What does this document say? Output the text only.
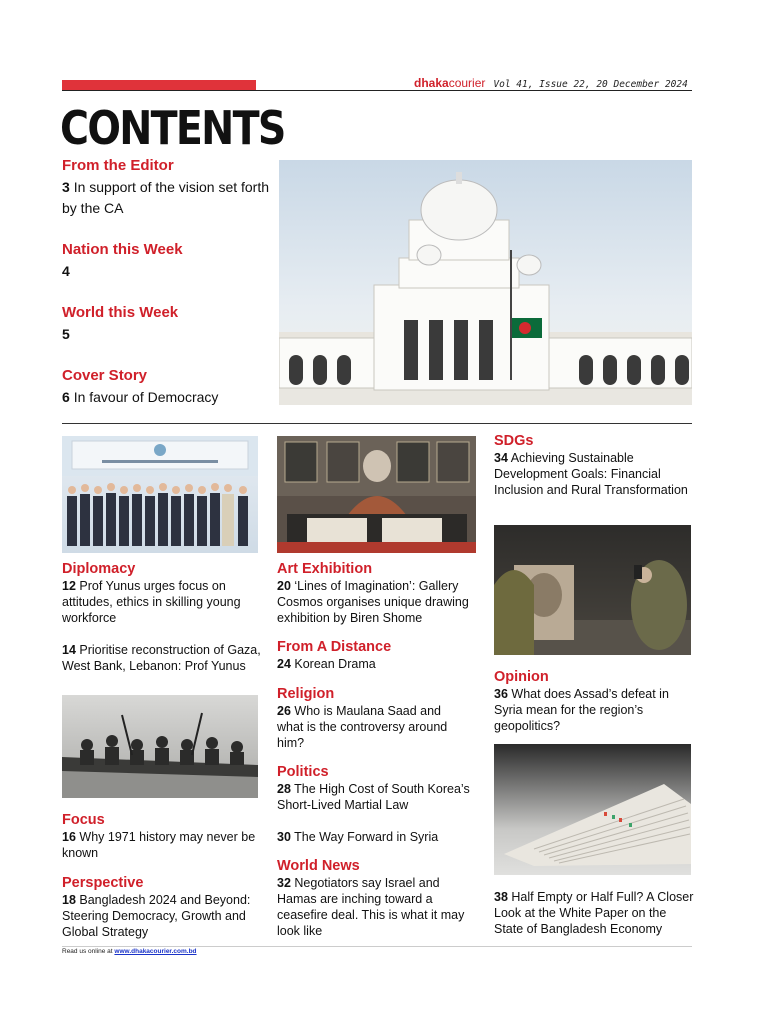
dhakacourier Vol 41, Issue 22, 20 December 2024
CONTENTS
From the Editor
3 In support of the vision set forth by the CA
Nation this Week
4
World this Week
5
Cover Story
6 In favour of Democracy
Diplomacy
12 Prof Yunus urges focus on attitudes, ethics in skilling young workforce
14 Prioritise reconstruction of Gaza, West Bank, Lebanon: Prof Yunus
Focus
16 Why 1971 history may never be known
Perspective
18 Bangladesh 2024 and Beyond: Steering Democracy, Growth and Global Strategy
Art Exhibition
20 ‘Lines of Imagination’: Gallery Cosmos organises unique drawing exhibition by Biren Shome
From A Distance
24 Korean Drama
Religion
26 Who is Maulana Saad and what is the controversy around him?
Politics
28 The High Cost of South Korea’s Short-Lived Martial Law
30 The Way Forward in Syria
World News
32 Negotiators say Israel and Hamas are inching toward a ceasefire deal. This is what it may look like
SDGs
34 Achieving Sustainable Development Goals: Financial Inclusion and Rural Transformation
Opinion
36 What does Assad’s defeat in Syria mean for the region’s geopolitics?
38 Half Empty or Half Full? A Closer Look at the White Paper on the State of Bangladesh Economy
Read us online at www.dhakacourier.com.bd
